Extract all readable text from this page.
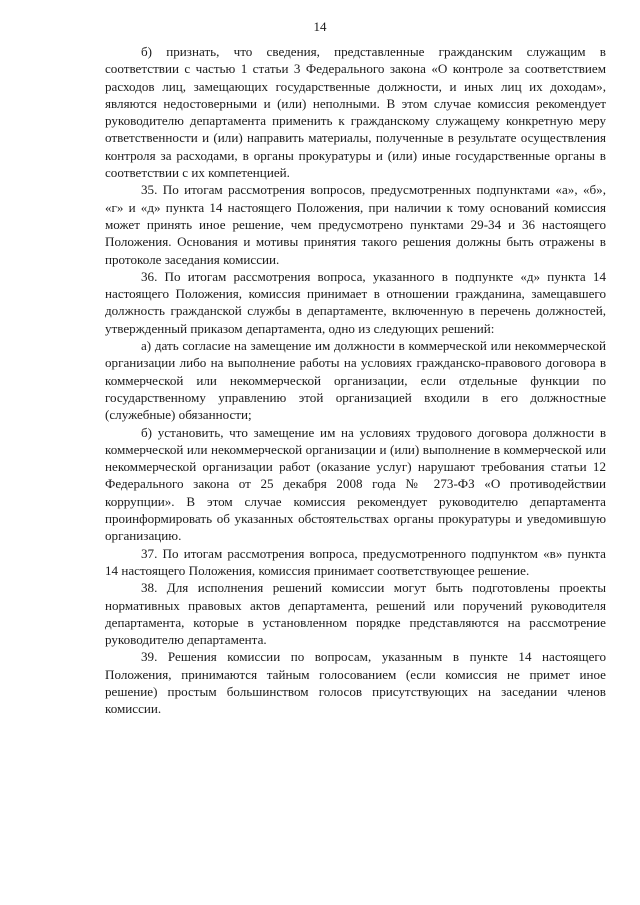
14

б) признать, что сведения, представленные гражданским служащим в соответствии с частью 1 статьи 3 Федерального закона «О контроле за соответствием расходов лиц, замещающих государственные должности, и иных лиц их доходам», являются недостоверными и (или) неполными. В этом случае комиссия рекомендует руководителю департамента применить к гражданскому служащему конкретную меру ответственности и (или) направить материалы, полученные в результате осуществления контроля за расходами, в органы прокуратуры и (или) иные государственные органы в соответствии с их компетенцией.

35. По итогам рассмотрения вопросов, предусмотренных подпунктами «а», «б», «г» и «д» пункта 14 настоящего Положения, при наличии к тому оснований комиссия может принять иное решение, чем предусмотрено пунктами 29-34 и 36 настоящего Положения. Основания и мотивы принятия такого решения должны быть отражены в протоколе заседания комиссии.

36. По итогам рассмотрения вопроса, указанного в подпункте «д» пункта 14 настоящего Положения, комиссия принимает в отношении гражданина, замещавшего должность гражданской службы в департаменте, включенную в перечень должностей, утвержденный приказом департамента, одно из следующих решений:

а) дать согласие на замещение им должности в коммерческой или некоммерческой организации либо на выполнение работы на условиях гражданско-правового договора в коммерческой или некоммерческой организации, если отдельные функции по государственному управлению этой организацией входили в его должностные (служебные) обязанности;

б) установить, что замещение им на условиях трудового договора должности в коммерческой или некоммерческой организации и (или) выполнение в коммерческой или некоммерческой организации работ (оказание услуг) нарушают требования статьи 12 Федерального закона от 25 декабря 2008 года № 273-ФЗ «О противодействии коррупции». В этом случае комиссия рекомендует руководителю департамента проинформировать об указанных обстоятельствах органы прокуратуры и уведомившую организацию.

37. По итогам рассмотрения вопроса, предусмотренного подпунктом «в» пункта 14 настоящего Положения, комиссия принимает соответствующее решение.

38. Для исполнения решений комиссии могут быть подготовлены проекты нормативных правовых актов департамента, решений или поручений руководителя департамента, которые в установленном порядке представляются на рассмотрение руководителю департамента.

39. Решения комиссии по вопросам, указанным в пункте 14 настоящего Положения, принимаются тайным голосованием (если комиссия не примет иное решение) простым большинством голосов присутствующих на заседании членов комиссии.
